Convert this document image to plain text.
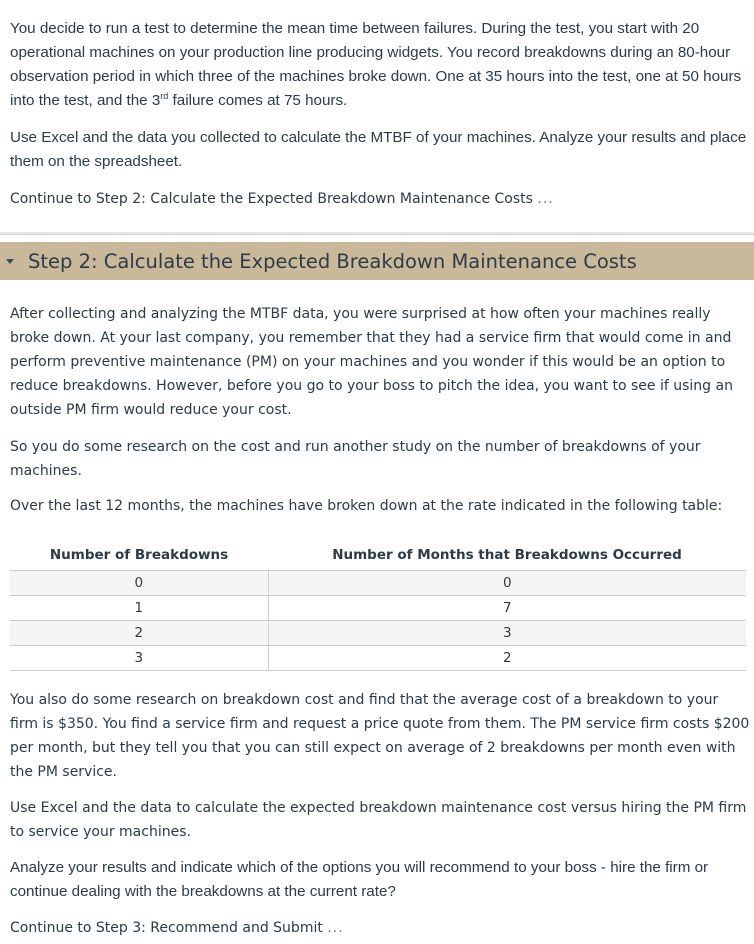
You decide to run a test to determine the mean time between failures. During the test, you start with 20 operational machines on your production line producing widgets. You record breakdowns during an 80-hour observation period in which three of the machines broke down. One at 35 hours into the test, one at 50 hours into the test, and the 3rd failure comes at 75 hours.

Use Excel and the data you collected to calculate the MTBF of your machines. Analyze your results and place them on the spreadsheet.

Continue to Step 2: Calculate the Expected Breakdown Maintenance Costs ...

Step 2: Calculate the Expected Breakdown Maintenance Costs

After collecting and analyzing the MTBF data, you were surprised at how often your machines really broke down. At your last company, you remember that they had a service firm that would come in and perform preventive maintenance (PM) on your machines and you wonder if this would be an option to reduce breakdowns. However, before you go to your boss to pitch the idea, you want to see if using an outside PM firm would reduce your cost.

So you do some research on the cost and run another study on the number of breakdowns of your machines.

Over the last 12 months, the machines have broken down at the rate indicated in the following table:

Number of Breakdowns	Number of Months that Breakdowns Occurred
0	0
1	7
2	3
3	2

You also do some research on breakdown cost and find that the average cost of a breakdown to your firm is $350. You find a service firm and request a price quote from them. The PM service firm costs $200 per month, but they tell you that you can still expect on average of 2 breakdowns per month even with the PM service.

Use Excel and the data to calculate the expected breakdown maintenance cost versus hiring the PM firm to service your machines.

Analyze your results and indicate which of the options you will recommend to your boss - hire the firm or continue dealing with the breakdowns at the current rate?

Continue to Step 3: Recommend and Submit ...
